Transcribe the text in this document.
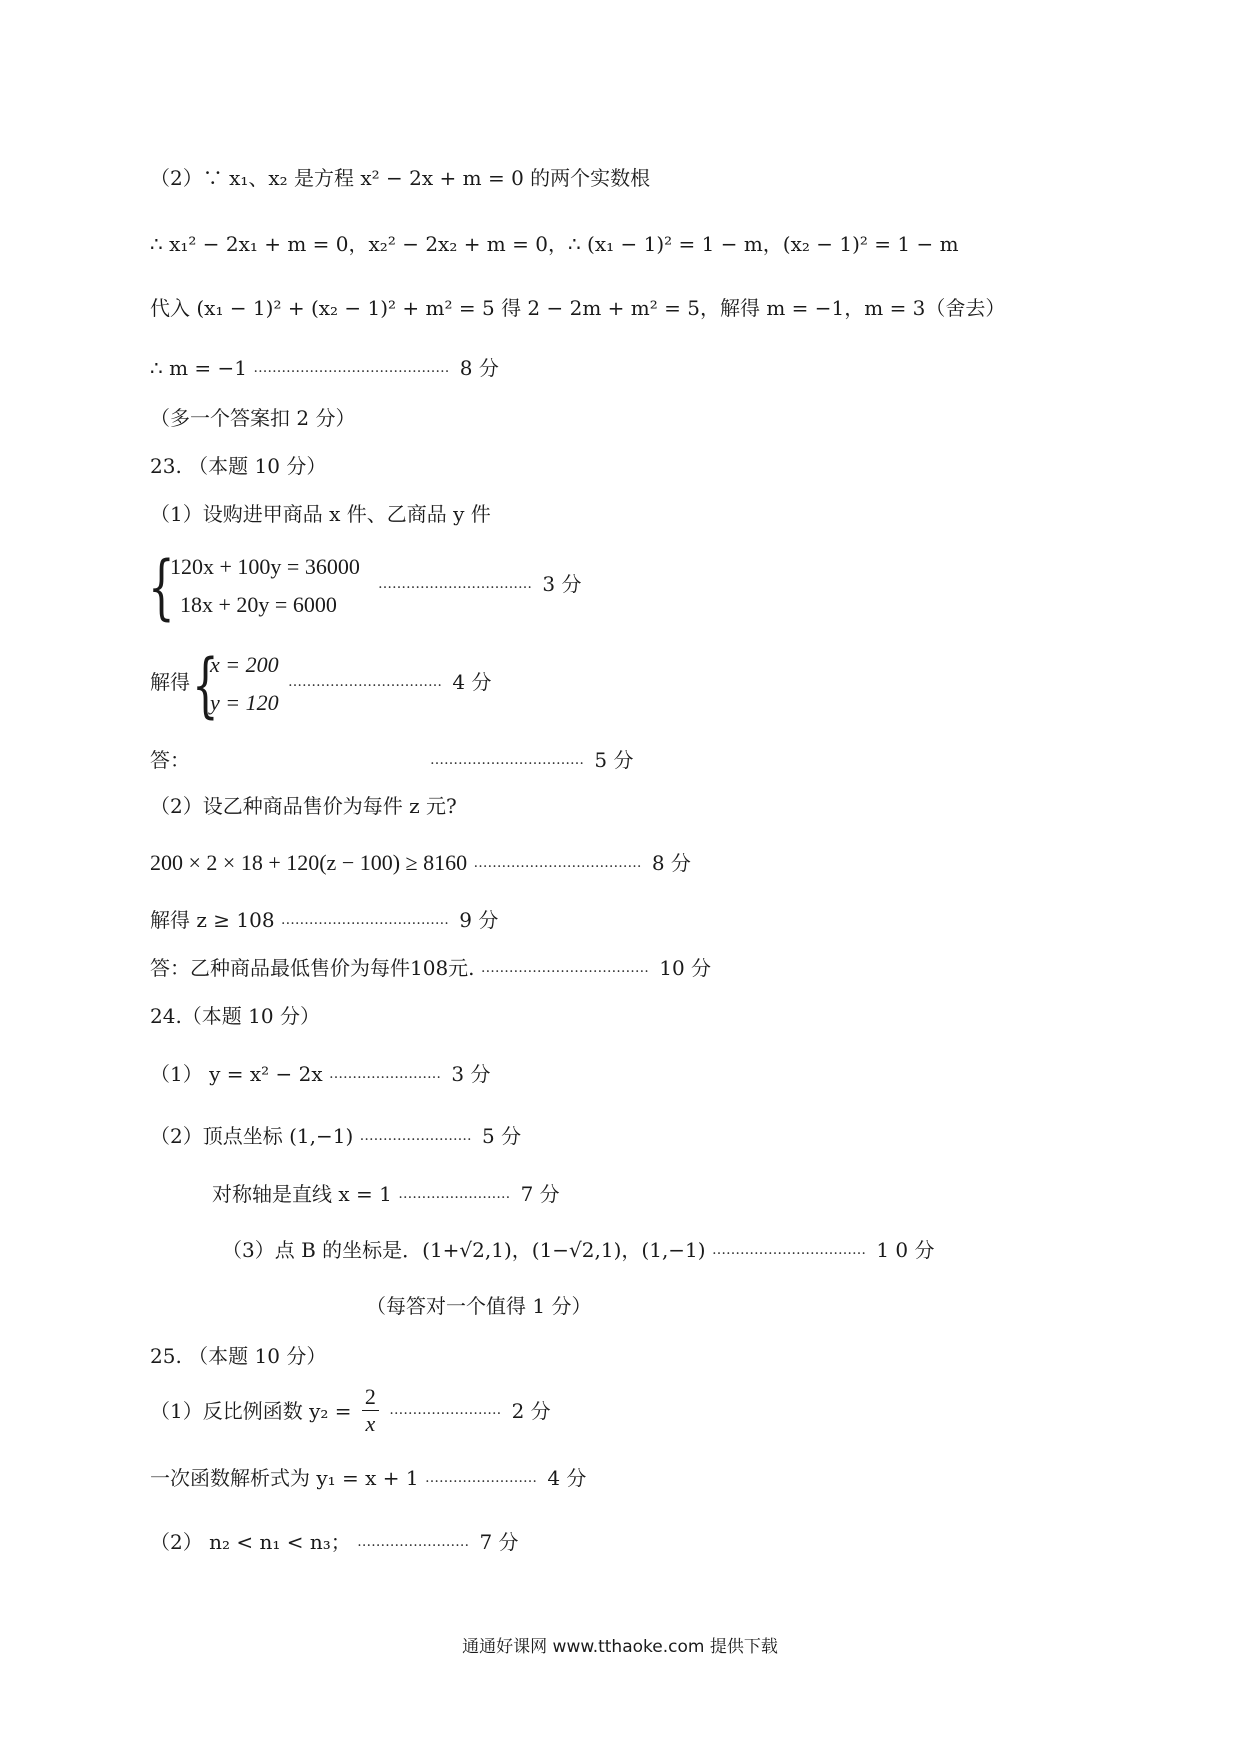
（2）∵ x₁、x₂ 是方程 x² − 2x + m = 0 的两个实数根
∴ x₁² − 2x₁ + m = 0，x₂² − 2x₂ + m = 0，∴ (x₁ − 1)² = 1 − m，(x₂ − 1)² = 1 − m
代入 (x₁ − 1)² + (x₂ − 1)² + m² = 5 得 2 − 2m + m² = 5，解得 m = −1，m = 3（舍去）
∴ m = −1 …………………………………… 8 分
（多一个答案扣 2 分）
23. （本题 10 分）
（1）设购进甲商品 x 件、乙商品 y 件
{
120x + 100y = 36000
18x + 20y = 6000
…………………………… 3 分
解得 {
x = 200
y = 120
…………………………… 4 分
答：	…………………………… 5 分
（2）设乙种商品售价为每件 z 元?
200 × 2 × 18 + 120(z − 100) ≥ 8160 ……………………………… 8 分
解得 z ≥ 108 ……………………………… 9 分
答：乙种商品最低售价为每件108元. ……………………………… 10 分
24.（本题 10 分）
（1） y = x² − 2x …………………… 3 分
（2）顶点坐标 (1,−1) …………………… 5 分
对称轴是直线 x = 1 …………………… 7 分
（3）点 B 的坐标是．(1+√2,1)，(1−√2,1)，(1,−1) …………………………… 1 0 分
（每答对一个值得 1 分）
25. （本题 10 分）
（1）反比例函数 $y_2 = \frac{2}{x}$ …………………… 2 分
一次函数解析式为 y₁ = x + 1 …………………… 4 分
（2） n₂ < n₁ < n₃； …………………… 7 分
通通好课网 www.tthaoke.com 提供下载
